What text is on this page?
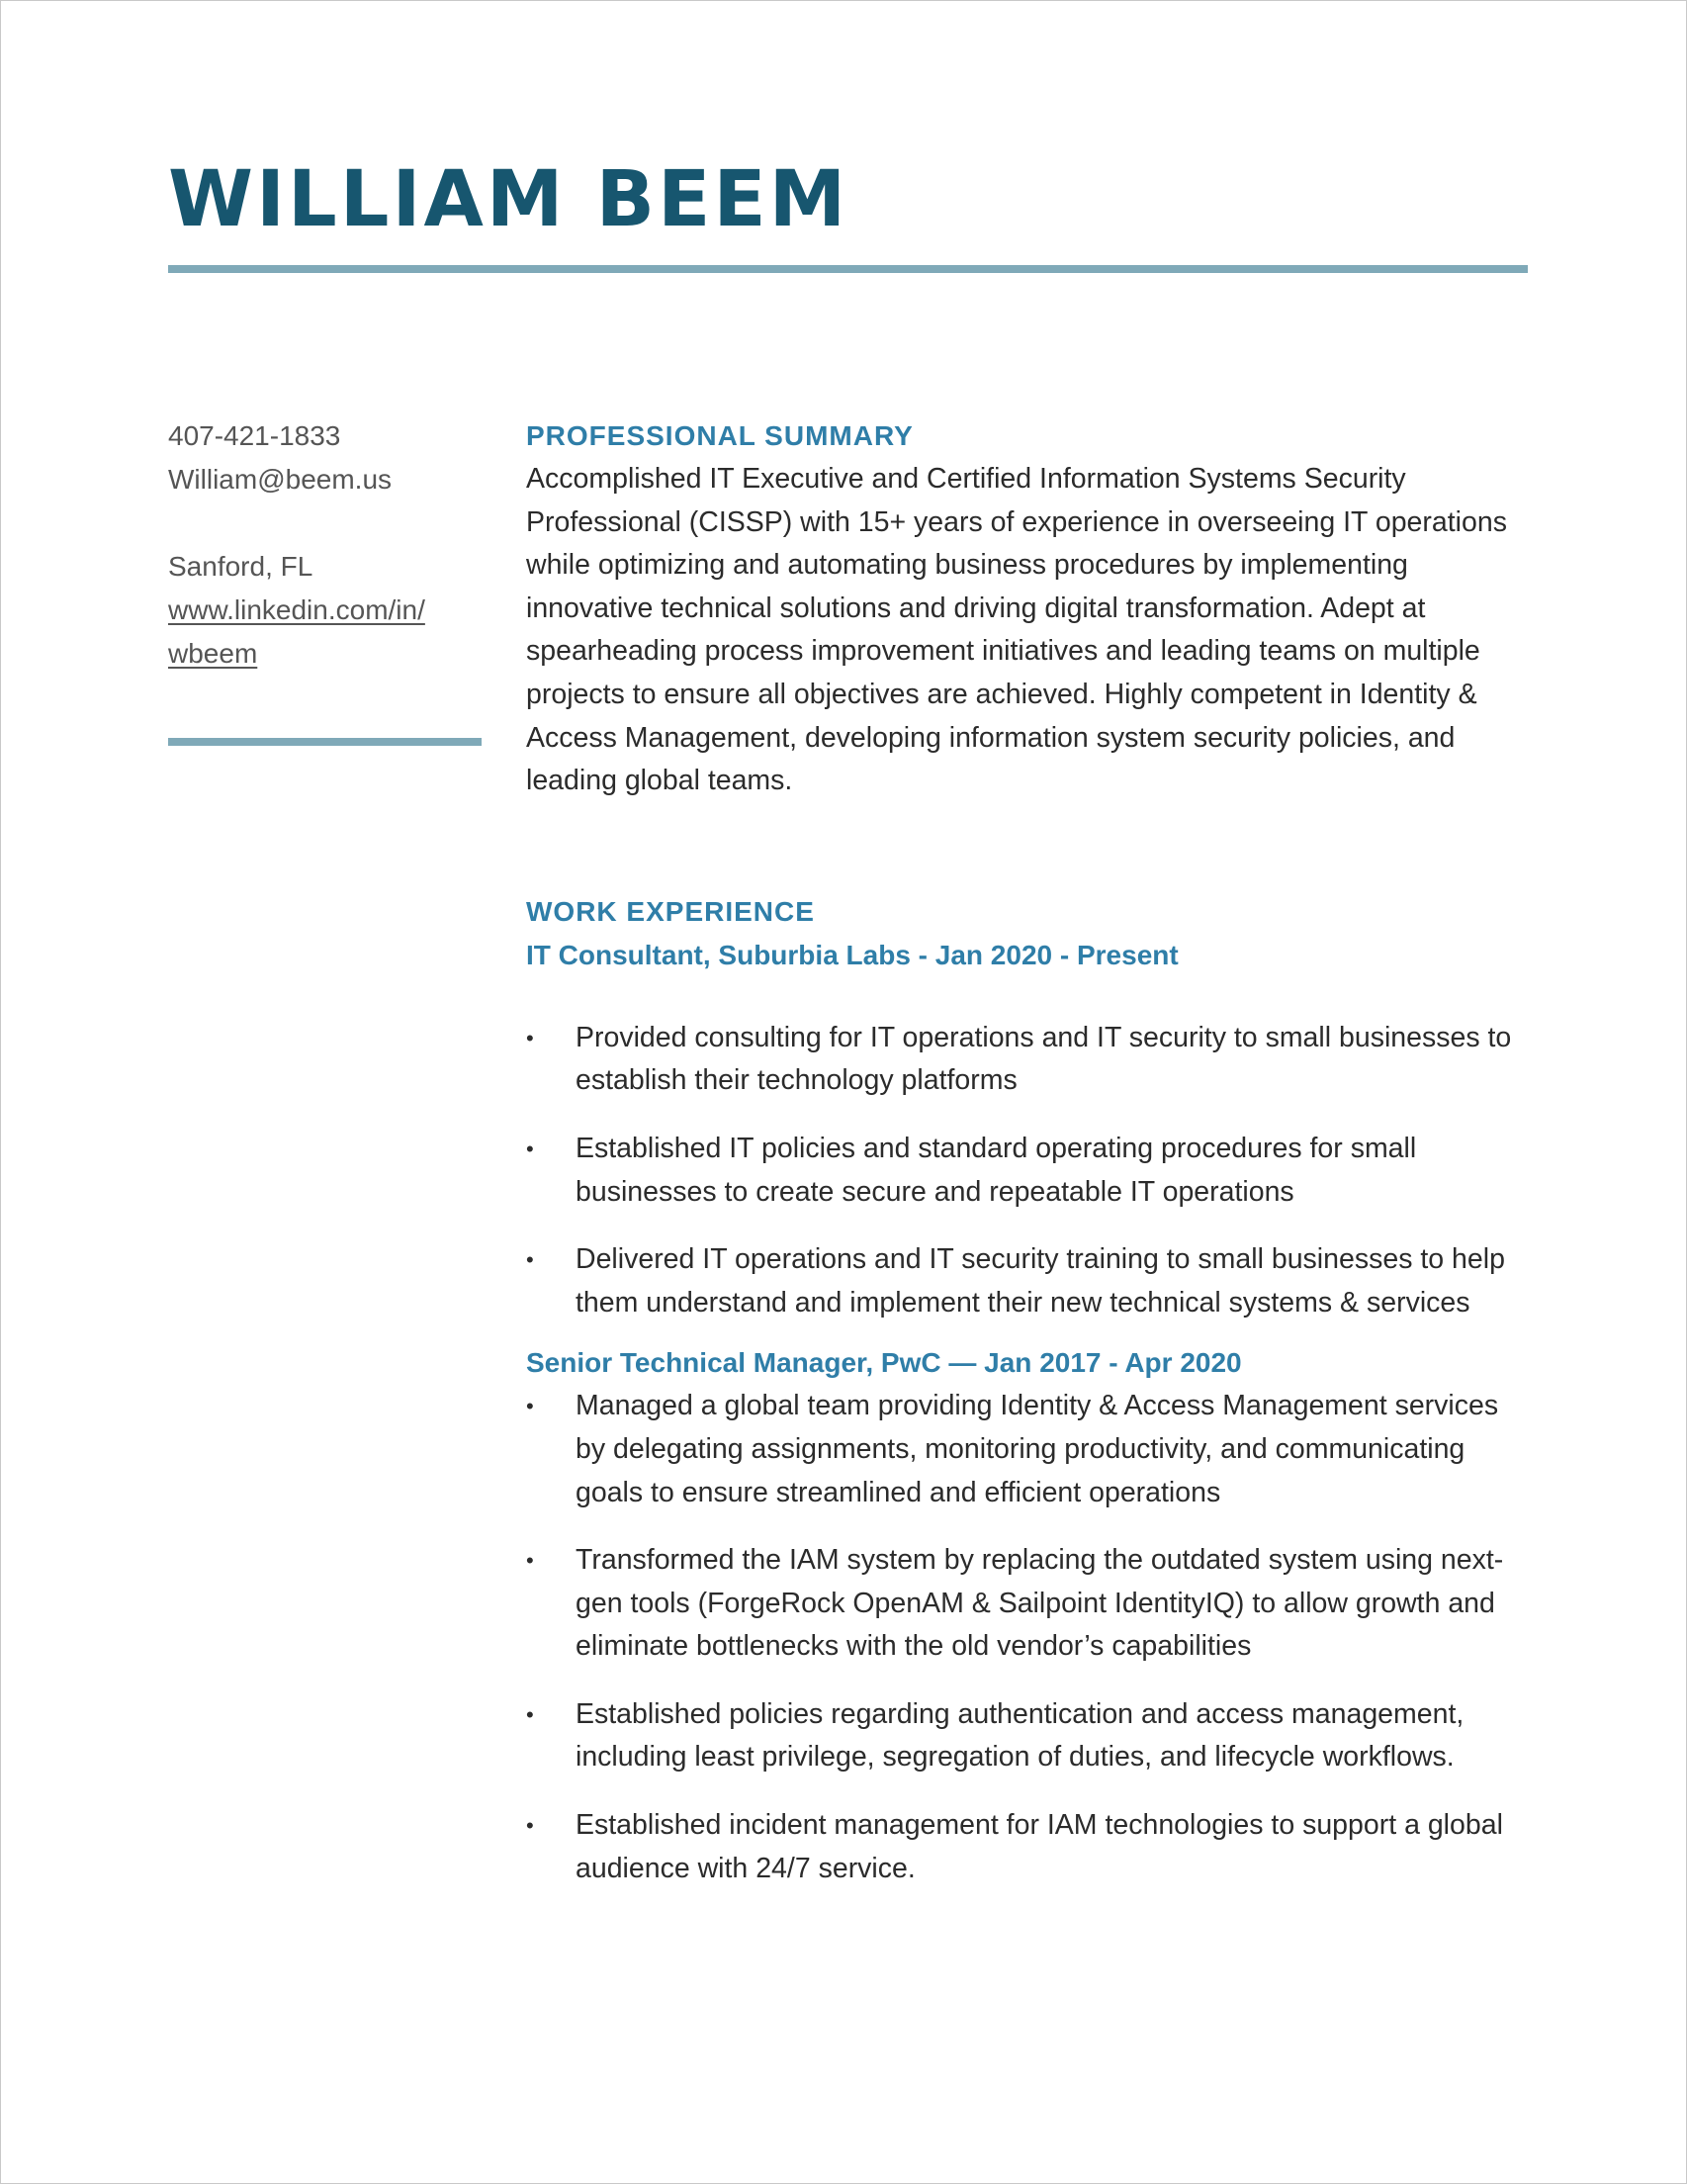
WILLIAM BEEM
407-421-1833
William@beem.us
Sanford, FL
www.linkedin.com/in/
wbeem
PROFESSIONAL SUMMARY

Accomplished IT Executive and Certified Information Systems Security Professional (CISSP) with 15+ years of experience in overseeing IT operations while optimizing and automating business procedures by implementing innovative technical solutions and driving digital transformation. Adept at spearheading process improvement initiatives and leading teams on multiple projects to ensure all objectives are achieved. Highly competent in Identity & Access Management, developing information system security policies, and leading global teams.

WORK EXPERIENCE
IT Consultant, Suburbia Labs - Jan 2020 - Present
•	Provided consulting for IT operations and IT security to small businesses to establish their technology platforms
•	Established IT policies and standard operating procedures for small businesses to create secure and repeatable IT operations
•	Delivered IT operations and IT security training to small businesses to help them understand and implement their new technical systems & services
Senior Technical Manager, PwC — Jan 2017 - Apr 2020
•	Managed a global team providing Identity & Access Management services by delegating assignments, monitoring productivity, and communicating goals to ensure streamlined and efficient operations
•	Transformed the IAM system by replacing the outdated system using next-gen tools (ForgeRock OpenAM & Sailpoint IdentityIQ) to allow growth and eliminate bottlenecks with the old vendor’s capabilities
•	Established policies regarding authentication and access management, including least privilege, segregation of duties, and lifecycle workflows.
•	Established incident management for IAM technologies to support a global audience with 24/7 service.
